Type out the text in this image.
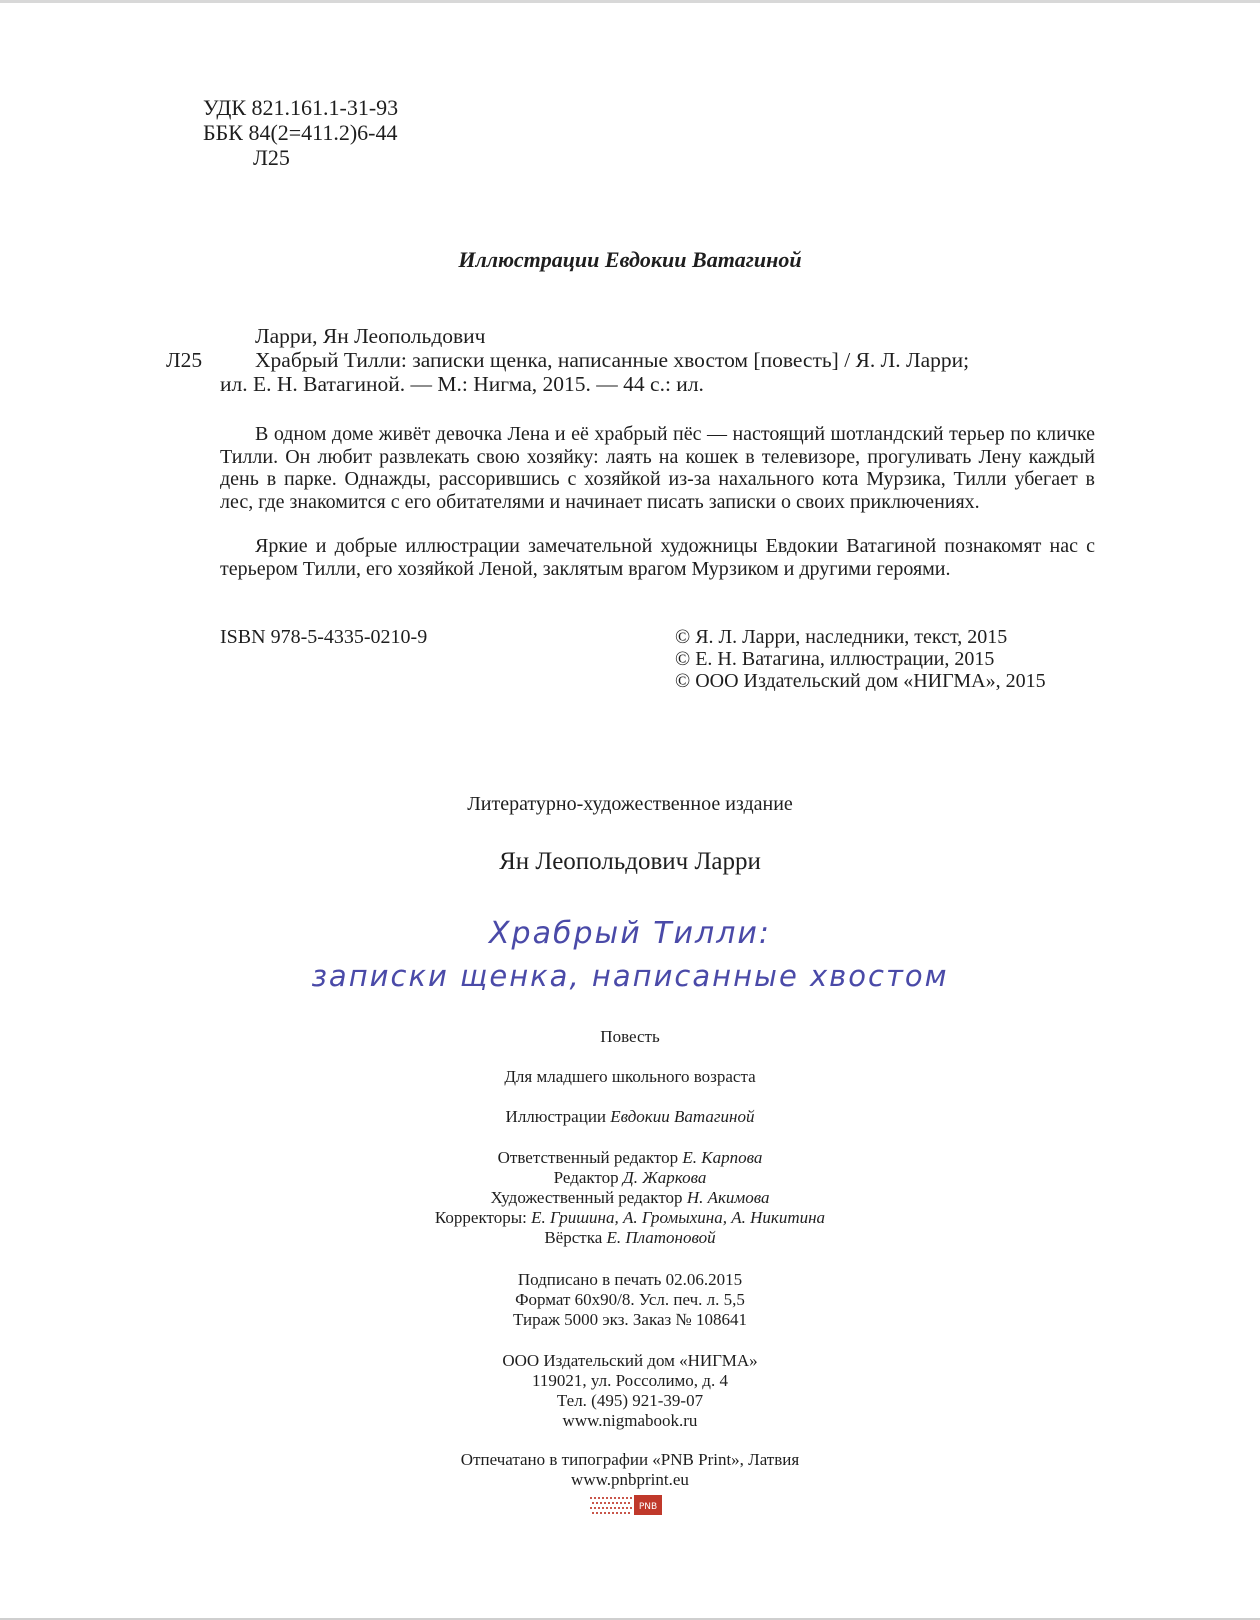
УДК 821.161.1-31-93
ББК 84(2=411.2)6-44
Л25
Иллюстрации Евдокии Ватагиной
Л25
Ларри, Ян Леопольдович
Храбрый Тилли: записки щенка, написанные хвостом [повесть] / Я. Л. Ларри;
ил. Е. Н. Ватагиной. — М.: Нигма, 2015. — 44 с.: ил.
В одном доме живёт девочка Лена и её храбрый пёс — настоящий шотландский терьер по кличке Тилли. Он любит развлекать свою хозяйку: лаять на кошек в телевизоре, прогуливать Лену каждый день в парке. Однажды, рассорившись с хозяйкой из-за нахального кота Мурзика, Тилли убегает в лес, где знакомится с его обитателями и начинает писать записки о своих приключениях.
Яркие и добрые иллюстрации замечательной художницы Евдокии Ватагиной познакомят нас с терьером Тилли, его хозяйкой Леной, заклятым врагом Мурзиком и другими героями.
ISBN 978-5-4335-0210-9	© Я. Л. Ларри, наследники, текст, 2015
© Е. Н. Ватагина, иллюстрации, 2015
© ООО Издательский дом «НИГМА», 2015
Литературно-художественное издание
Ян Леопольдович Ларри
Храбрый Тилли:
записки щенка, написанные хвостом
Повесть
Для младшего школьного возраста
Иллюстрации Евдокии Ватагиной
Ответственный редактор Е. Карпова
Редактор Д. Жаркова
Художественный редактор Н. Акимова
Корректоры: Е. Гришина, А. Громыхина, А. Никитина
Вёрстка Е. Платоновой
Подписано в печать 02.06.2015
Формат 60x90/8. Усл. печ. л. 5,5
Тираж 5000 экз. Заказ № 108641
ООО Издательский дом «НИГМА»
119021, ул. Россолимо, д. 4
Тел. (495) 921-39-07
www.nigmabook.ru
Отпечатано в типографии «PNB Print», Латвия
www.pnbprint.eu
PNB
